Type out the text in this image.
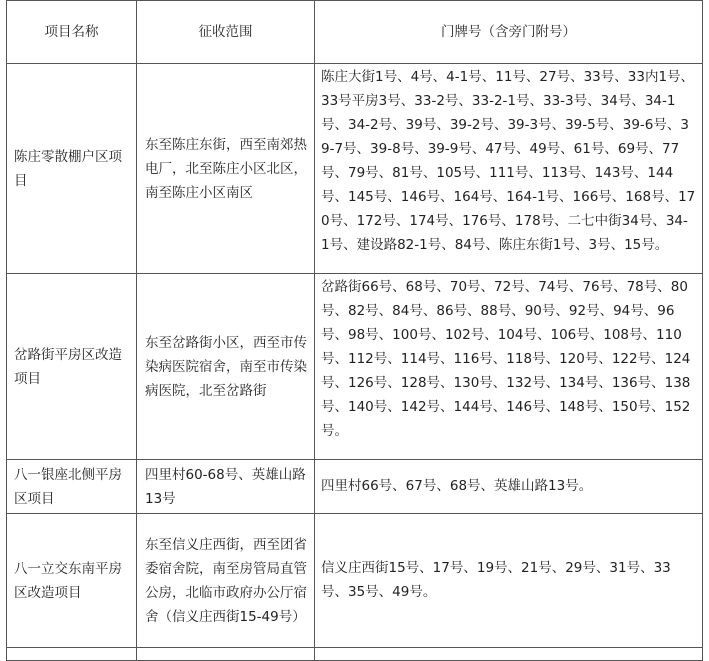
项目名称	征收范围	门牌号（含旁门附号）
陈庄零散棚户区项目	东至陈庄东街，西至南郊热电厂，北至陈庄小区北区，南至陈庄小区南区	陈庄大街1号、4号、4-1号、11号、27号、33号、33内1号、33号平房3号、33-2号、33-2-1号、33-3号、34号、34-1号、34-2号、39号、39-2号、39-3号、39-5号、39-6号、39-7号、39-8号、39-9号、47号、49号、61号、69号、77号、79号、81号、105号、111号、113号、143号、144号、145号、146号、164号、164-1号、166号、168号、170号、172号、174号、176号、178号、二七中街34号、34-1号、建设路82-1号、84号、陈庄东街1号、3号、15号。
岔路街平房区改造项目	东至岔路街小区，西至市传染病医院宿舍，南至市传染病医院，北至岔路街	岔路街66号、68号、70号、72号、74号、76号、78号、80号、82号、84号、86号、88号、90号、92号、94号、96号、98号、100号、102号、104号、106号、108号、110号、112号、114号、116号、118号、120号、122号、124号、126号、128号、130号、132号、134号、136号、138号、140号、142号、144号、146号、148号、150号、152号。
八一银座北侧平房区项目	四里村60-68号、英雄山路13号	四里村66号、67号、68号、英雄山路13号。
八一立交东南平房区改造项目	东至信义庄西街，西至团省委宿舍院，南至房管局直管公房，北临市政府办公厅宿舍（信义庄西街15-49号）	信义庄西街15号、17号、19号、21号、29号、31号、33号、35号、49号。
